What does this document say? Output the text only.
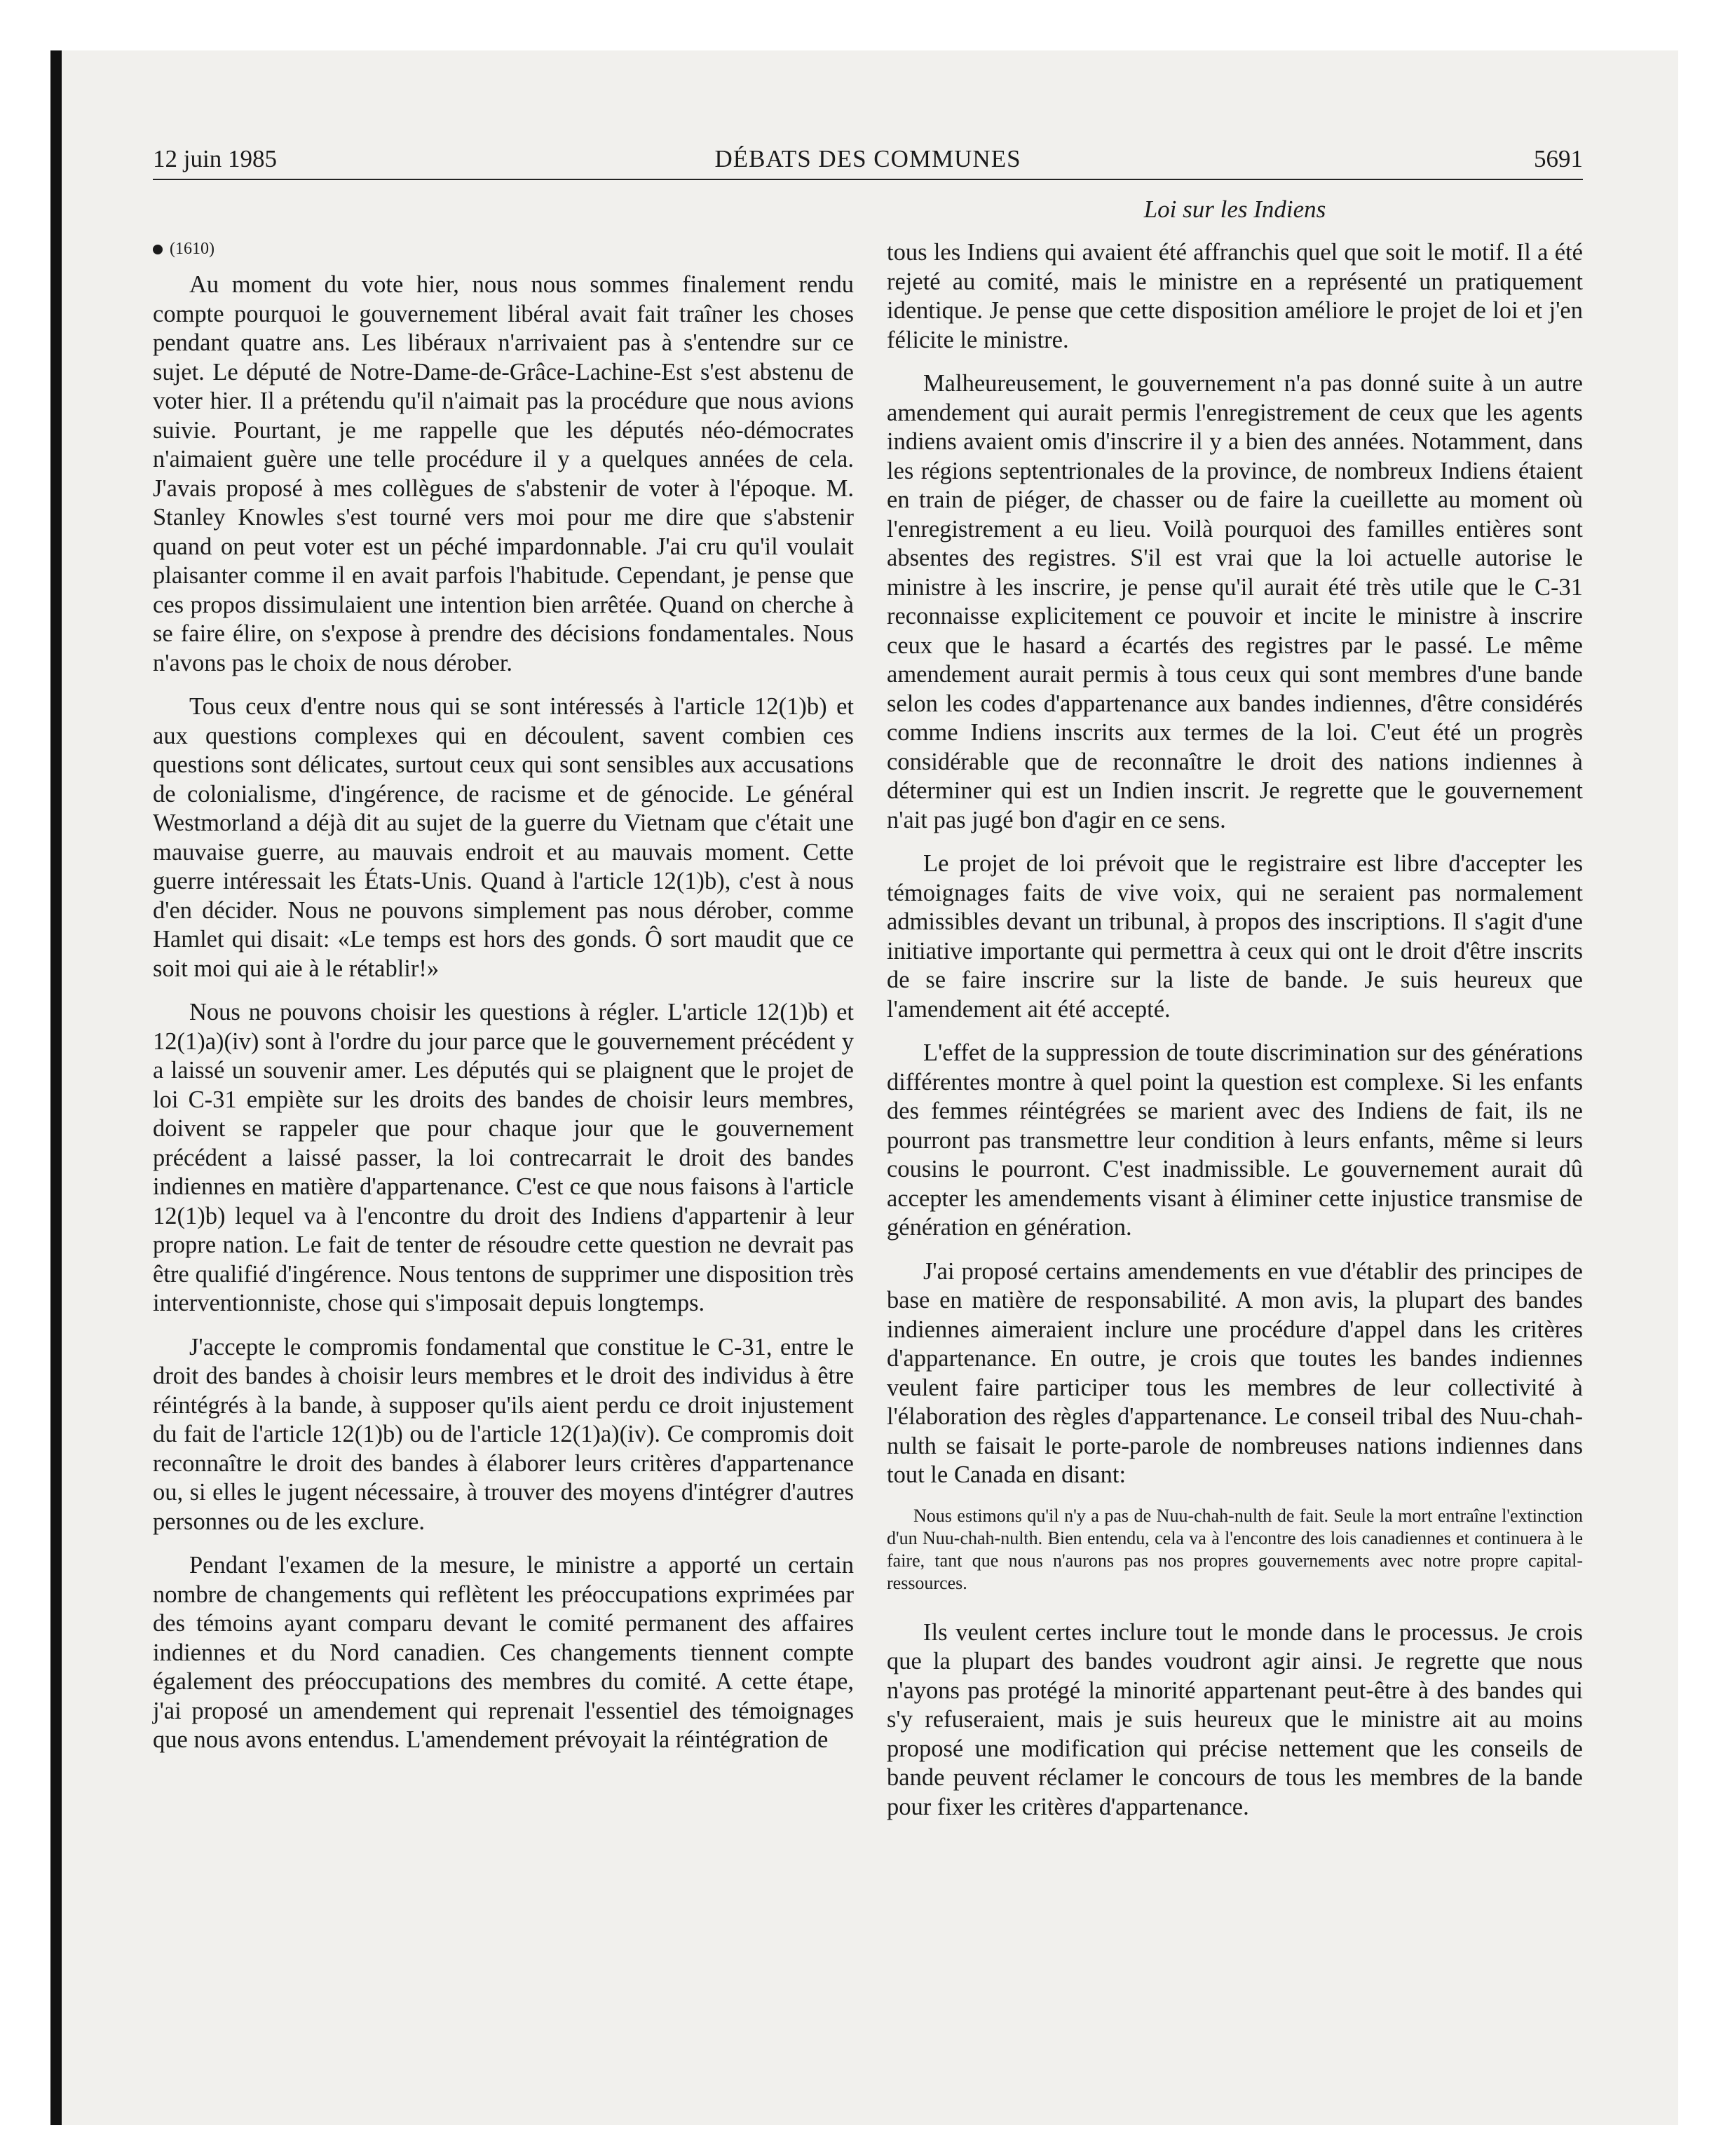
12 juin 1985	DÉBATS DES COMMUNES	5691
Loi sur les Indiens
(1610)

Au moment du vote hier, nous nous sommes finalement rendu compte pourquoi le gouvernement libéral avait fait traîner les choses pendant quatre ans. Les libéraux n'arrivaient pas à s'entendre sur ce sujet. Le député de Notre-Dame-de-Grâce-Lachine-Est s'est abstenu de voter hier. Il a prétendu qu'il n'aimait pas la procédure que nous avions suivie. Pourtant, je me rappelle que les députés néo-démocrates n'aimaient guère une telle procédure il y a quelques années de cela. J'avais proposé à mes collègues de s'abstenir de voter à l'époque. M. Stanley Knowles s'est tourné vers moi pour me dire que s'abstenir quand on peut voter est un péché impardonnable. J'ai cru qu'il voulait plaisanter comme il en avait parfois l'habitude. Cependant, je pense que ces propos dissimulaient une intention bien arrêtée. Quand on cherche à se faire élire, on s'expose à prendre des décisions fondamentales. Nous n'avons pas le choix de nous dérober.

Tous ceux d'entre nous qui se sont intéressés à l'article 12(1)b) et aux questions complexes qui en découlent, savent combien ces questions sont délicates, surtout ceux qui sont sensibles aux accusations de colonialisme, d'ingérence, de racisme et de génocide. Le général Westmorland a déjà dit au sujet de la guerre du Vietnam que c'était une mauvaise guerre, au mauvais endroit et au mauvais moment. Cette guerre intéressait les États-Unis. Quand à l'article 12(1)b), c'est à nous d'en décider. Nous ne pouvons simplement pas nous dérober, comme Hamlet qui disait: «Le temps est hors des gonds. Ô sort maudit que ce soit moi qui aie à le rétablir!»

Nous ne pouvons choisir les questions à régler. L'article 12(1)b) et 12(1)a)(iv) sont à l'ordre du jour parce que le gouvernement précédent y a laissé un souvenir amer. Les députés qui se plaignent que le projet de loi C-31 empiète sur les droits des bandes de choisir leurs membres, doivent se rappeler que pour chaque jour que le gouvernement précédent a laissé passer, la loi contrecarrait le droit des bandes indiennes en matière d'appartenance. C'est ce que nous faisons à l'article 12(1)b) lequel va à l'encontre du droit des Indiens d'appartenir à leur propre nation. Le fait de tenter de résoudre cette question ne devrait pas être qualifié d'ingérence. Nous tentons de supprimer une disposition très interventionniste, chose qui s'imposait depuis longtemps.

J'accepte le compromis fondamental que constitue le C-31, entre le droit des bandes à choisir leurs membres et le droit des individus à être réintégrés à la bande, à supposer qu'ils aient perdu ce droit injustement du fait de l'article 12(1)b) ou de l'article 12(1)a)(iv). Ce compromis doit reconnaître le droit des bandes à élaborer leurs critères d'appartenance ou, si elles le jugent nécessaire, à trouver des moyens d'intégrer d'autres personnes ou de les exclure.

Pendant l'examen de la mesure, le ministre a apporté un certain nombre de changements qui reflètent les préoccupations exprimées par des témoins ayant comparu devant le comité permanent des affaires indiennes et du Nord canadien. Ces changements tiennent compte également des préoccupations des membres du comité. A cette étape, j'ai proposé un amendement qui reprenait l'essentiel des témoignages que nous avons entendus. L'amendement prévoyait la réintégration de

tous les Indiens qui avaient été affranchis quel que soit le motif. Il a été rejeté au comité, mais le ministre en a représenté un pratiquement identique. Je pense que cette disposition améliore le projet de loi et j'en félicite le ministre.

Malheureusement, le gouvernement n'a pas donné suite à un autre amendement qui aurait permis l'enregistrement de ceux que les agents indiens avaient omis d'inscrire il y a bien des années. Notamment, dans les régions septentrionales de la province, de nombreux Indiens étaient en train de piéger, de chasser ou de faire la cueillette au moment où l'enregistrement a eu lieu. Voilà pourquoi des familles entières sont absentes des registres. S'il est vrai que la loi actuelle autorise le ministre à les inscrire, je pense qu'il aurait été très utile que le C-31 reconnaisse explicitement ce pouvoir et incite le ministre à inscrire ceux que le hasard a écartés des registres par le passé. Le même amendement aurait permis à tous ceux qui sont membres d'une bande selon les codes d'appartenance aux bandes indiennes, d'être considérés comme Indiens inscrits aux termes de la loi. C'eut été un progrès considérable que de reconnaître le droit des nations indiennes à déterminer qui est un Indien inscrit. Je regrette que le gouvernement n'ait pas jugé bon d'agir en ce sens.

Le projet de loi prévoit que le registraire est libre d'accepter les témoignages faits de vive voix, qui ne seraient pas normalement admissibles devant un tribunal, à propos des inscriptions. Il s'agit d'une initiative importante qui permettra à ceux qui ont le droit d'être inscrits de se faire inscrire sur la liste de bande. Je suis heureux que l'amendement ait été accepté.

L'effet de la suppression de toute discrimination sur des générations différentes montre à quel point la question est complexe. Si les enfants des femmes réintégrées se marient avec des Indiens de fait, ils ne pourront pas transmettre leur condition à leurs enfants, même si leurs cousins le pourront. C'est inadmissible. Le gouvernement aurait dû accepter les amendements visant à éliminer cette injustice transmise de génération en génération.

J'ai proposé certains amendements en vue d'établir des principes de base en matière de responsabilité. A mon avis, la plupart des bandes indiennes aimeraient inclure une procédure d'appel dans les critères d'appartenance. En outre, je crois que toutes les bandes indiennes veulent faire participer tous les membres de leur collectivité à l'élaboration des règles d'appartenance. Le conseil tribal des Nuu-chah-nulth se faisait le porte-parole de nombreuses nations indiennes dans tout le Canada en disant:

Nous estimons qu'il n'y a pas de Nuu-chah-nulth de fait. Seule la mort entraîne l'extinction d'un Nuu-chah-nulth. Bien entendu, cela va à l'encontre des lois canadiennes et continuera à le faire, tant que nous n'aurons pas nos propres gouvernements avec notre propre capital-ressources.

Ils veulent certes inclure tout le monde dans le processus. Je crois que la plupart des bandes voudront agir ainsi. Je regrette que nous n'ayons pas protégé la minorité appartenant peut-être à des bandes qui s'y refuseraient, mais je suis heureux que le ministre ait au moins proposé une modification qui précise nettement que les conseils de bande peuvent réclamer le concours de tous les membres de la bande pour fixer les critères d'appartenance.
